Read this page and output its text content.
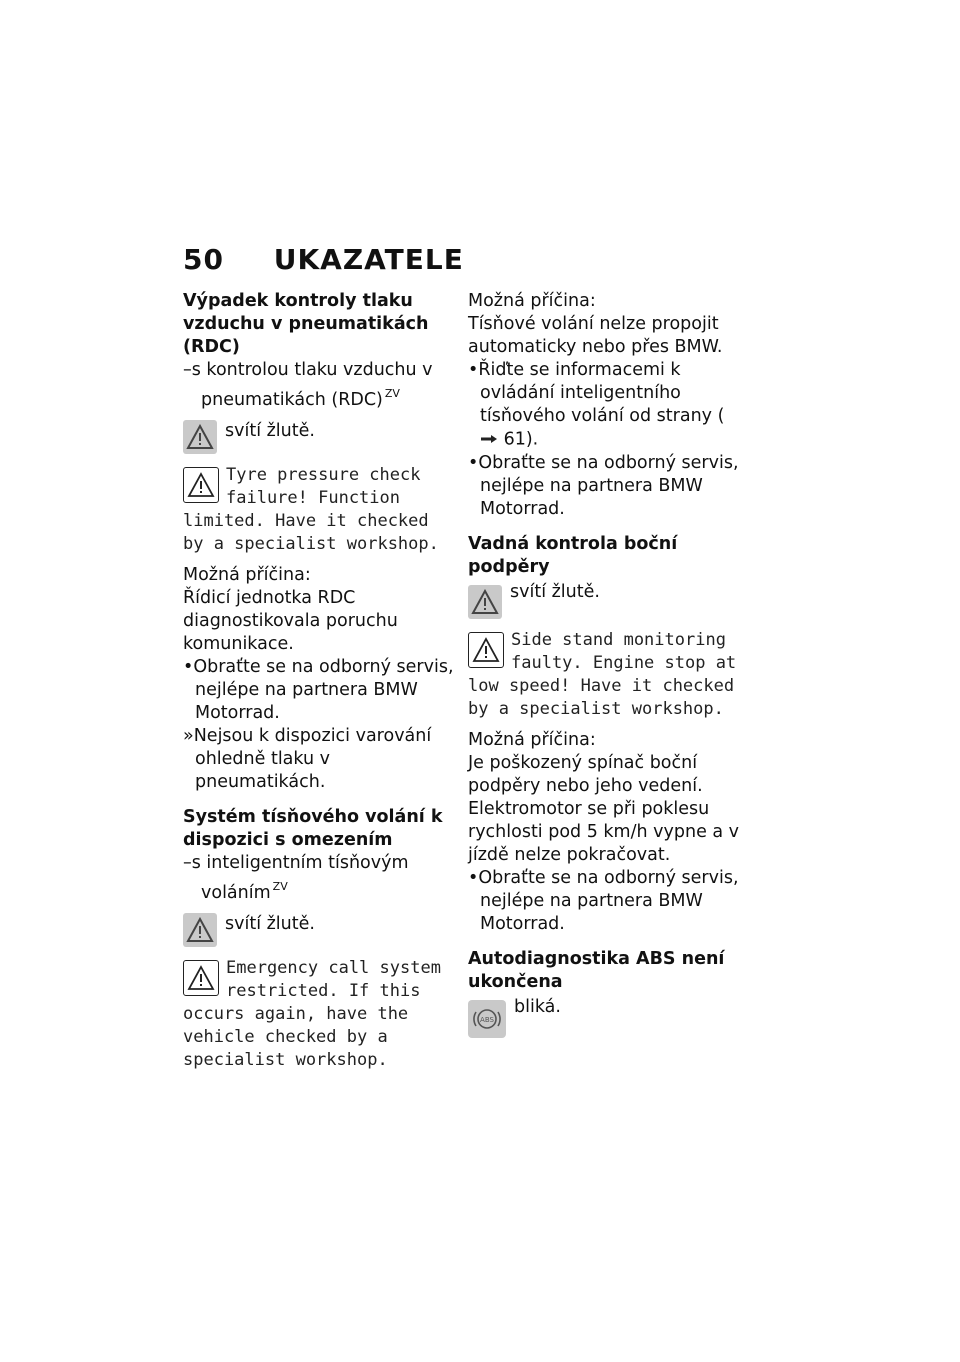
50 UKAZATELE

Výpadek kontroly tlaku vzduchu v pneumatikách (RDC)

–s kontrolou tlaku vzduchu v pneumatikách (RDC) $^{ZV}$

svítí žlutě.
Tyre pressure check failure! Function limited. Have it checked by a specialist workshop.
Možná příčina:

Řídicí jednotka RDC diagnostikovala poruchu komunikace.

•Obraťte se na odborný servis, nejlépe na partnera BMW Motorrad.

»Nejsou k dispozici varování ohledně tlaku v pneumatikách.

Systém tísňového volání k dispozici s omezením

–s inteligentním tísňovým voláním $^{ZV}$

svítí žlutě.
Emergency call system restricted. If this occurs again, have the vehicle checked by a specialist workshop.
Možná příčina:

Tísňové volání nelze propojit automaticky nebo přes BMW.

•Řiďte se informacemi k ovládání inteligentního tísňového volání od strany ( 61).

•Obraťte se na odborný servis, nejlépe na partnera BMW Motorrad.

Vadná kontrola boční podpěry

svítí žlutě.
Side stand monitoring faulty. Engine stop at low speed! Have it checked by a specialist workshop.
Možná příčina:

Je poškozený spínač boční podpěry nebo jeho vedení. Elektromotor se při poklesu rychlosti pod 5 km/h vypne a v jízdě nelze pokračovat.

•Obraťte se na odborný servis, nejlépe na partnera BMW Motorrad.

Autodiagnostika ABS není ukončena

ABS
bliká.
